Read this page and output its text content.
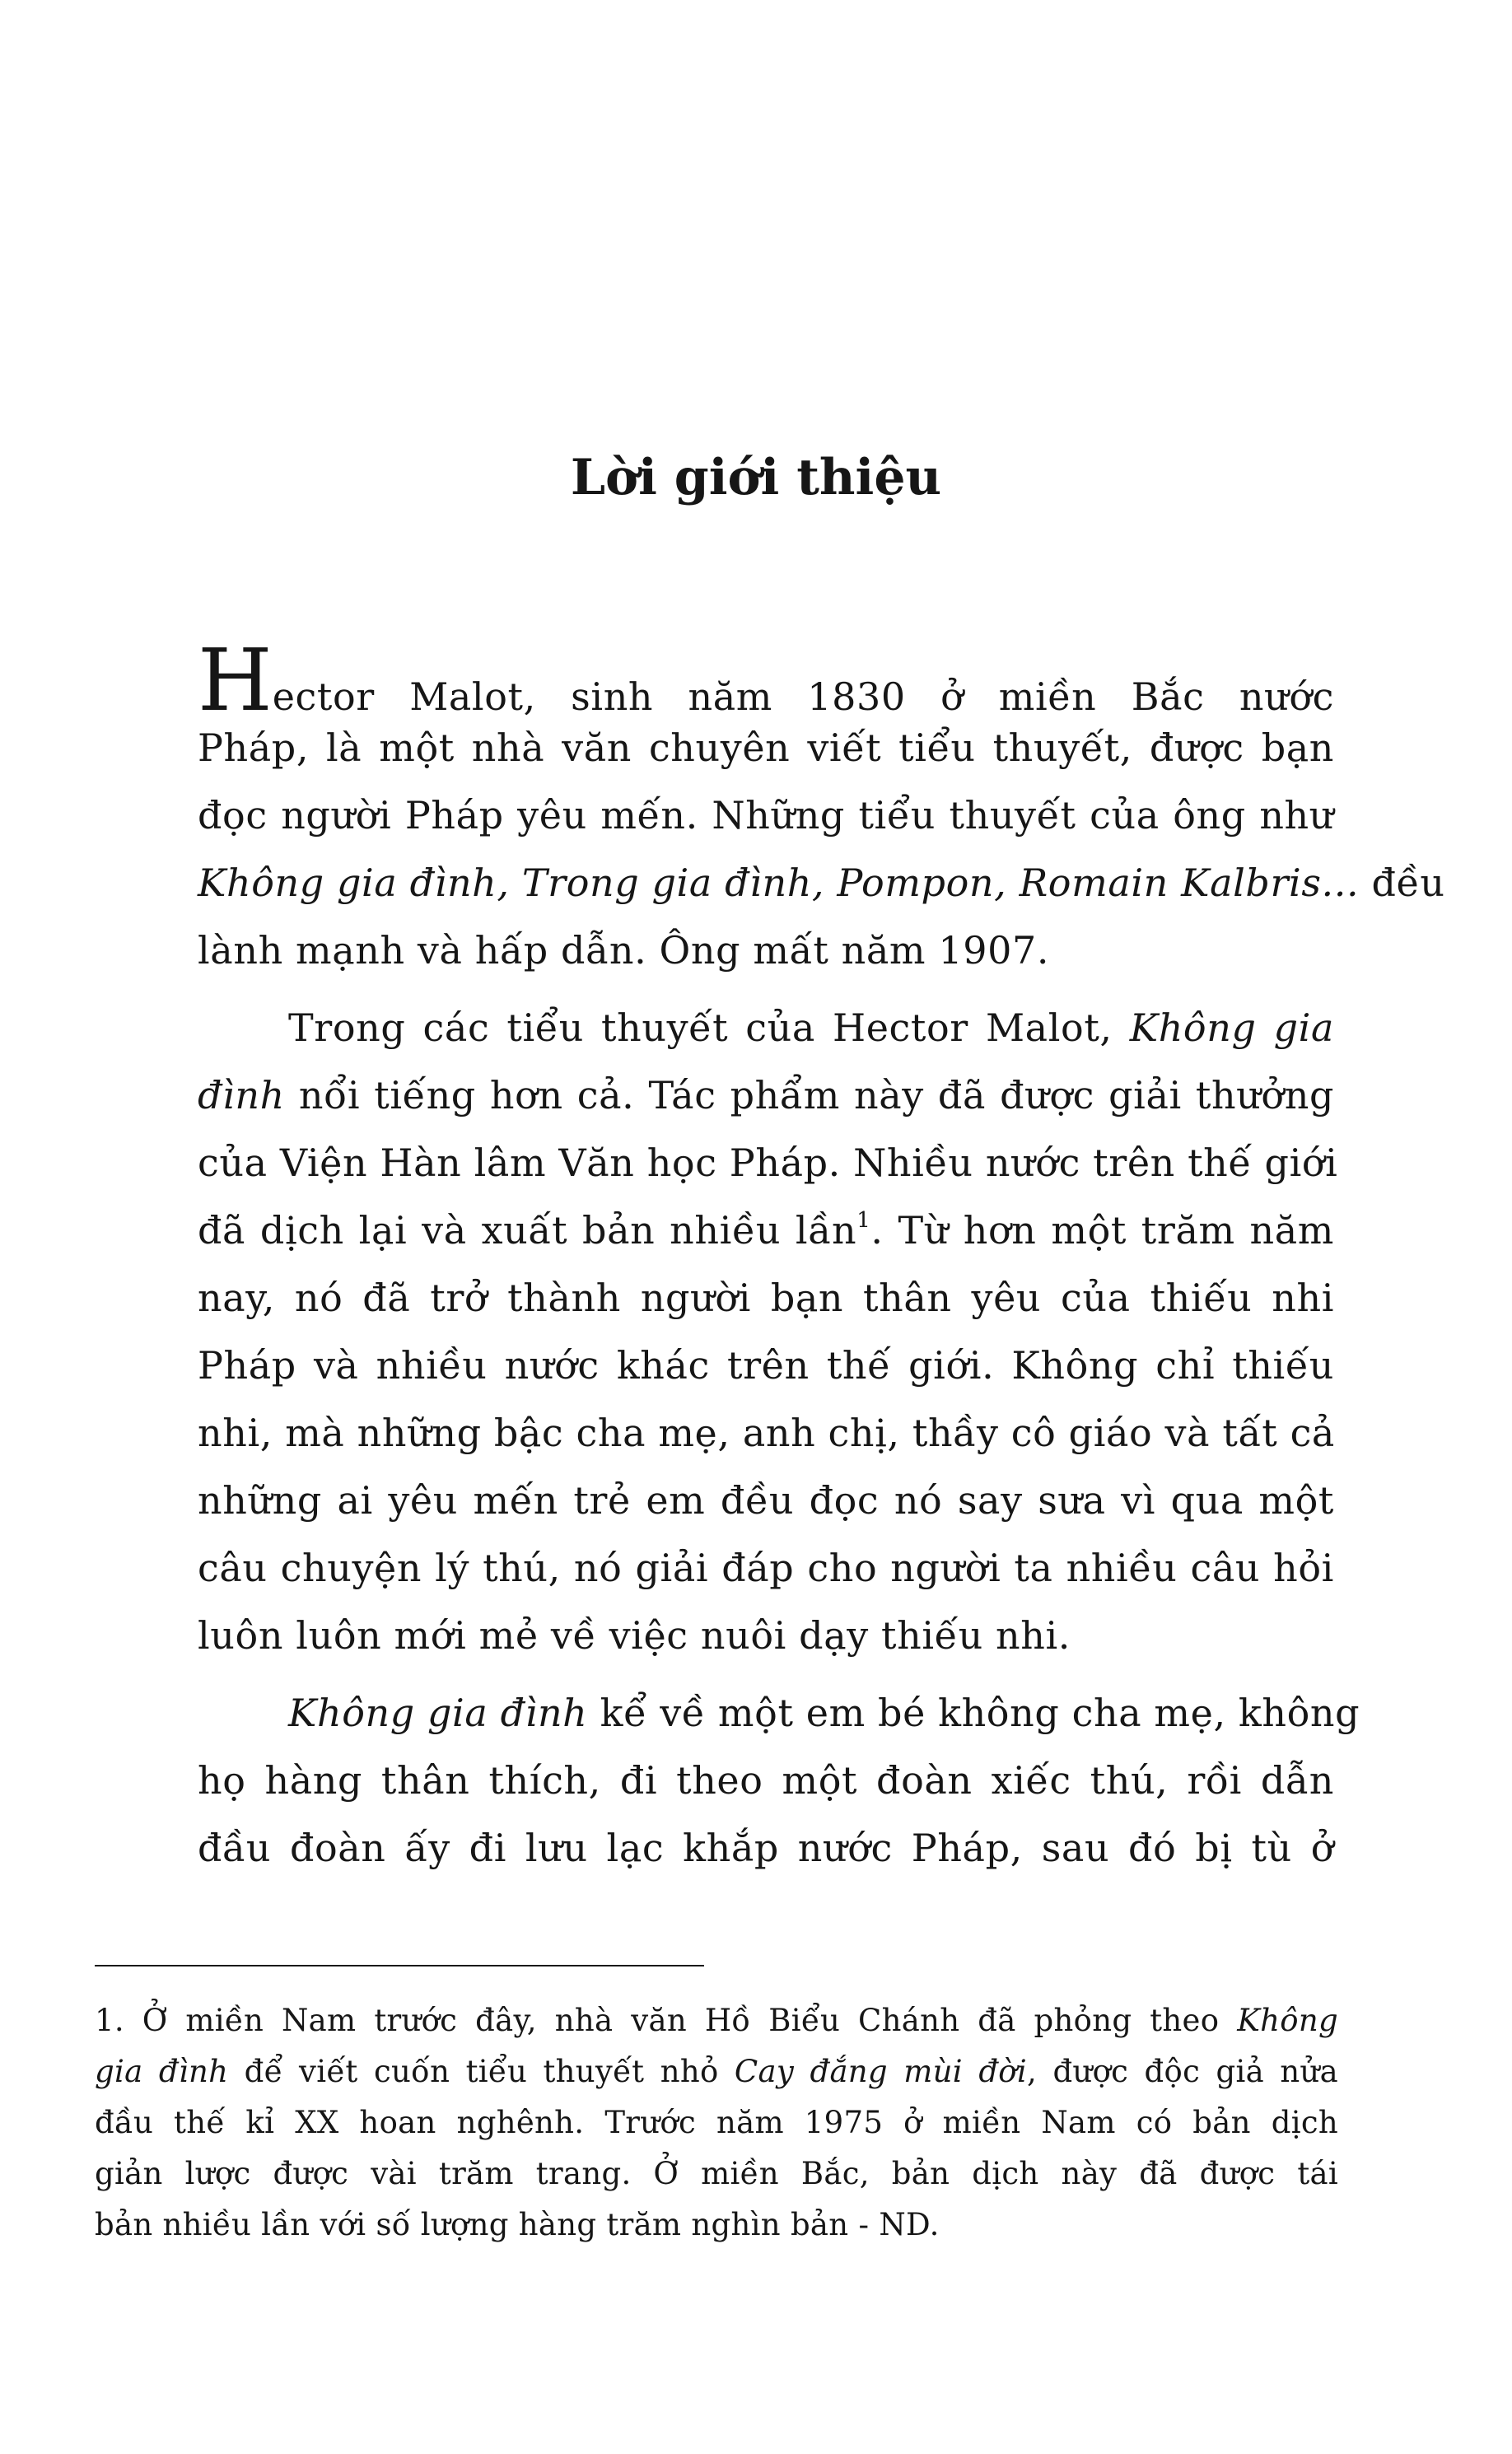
Lời giới thiệu
Hector Malot, sinh năm 1830 ở miền Bắc nước
Pháp, là một nhà văn chuyên viết tiểu thuyết, được bạn
đọc người Pháp yêu mến. Những tiểu thuyết của ông như
Không gia đình, Trong gia đình, Pompon, Romain Kalbris... đều
lành mạnh và hấp dẫn. Ông mất năm 1907.
Trong các tiểu thuyết của Hector Malot, Không gia
đình nổi tiếng hơn cả. Tác phẩm này đã được giải thưởng
của Viện Hàn lâm Văn học Pháp. Nhiều nước trên thế giới
đã dịch lại và xuất bản nhiều lần$^1$. Từ hơn một trăm năm
nay, nó đã trở thành người bạn thân yêu của thiếu nhi
Pháp và nhiều nước khác trên thế giới. Không chỉ thiếu
nhi, mà những bậc cha mẹ, anh chị, thầy cô giáo và tất cả
những ai yêu mến trẻ em đều đọc nó say sưa vì qua một
câu chuyện lý thú, nó giải đáp cho người ta nhiều câu hỏi
luôn luôn mới mẻ về việc nuôi dạy thiếu nhi.
Không gia đình kể về một em bé không cha mẹ, không
họ hàng thân thích, đi theo một đoàn xiếc thú, rồi dẫn
đầu đoàn ấy đi lưu lạc khắp nước Pháp, sau đó bị tù ở
1. Ở miền Nam trước đây, nhà văn Hồ Biểu Chánh đã phỏng theo Không
gia đình để viết cuốn tiểu thuyết nhỏ Cay đắng mùi đời, được độc giả nửa
đầu thế kỉ XX hoan nghênh. Trước năm 1975 ở miền Nam có bản dịch
giản lược được vài trăm trang. Ở miền Bắc, bản dịch này đã được tái
bản nhiều lần với số lượng hàng trăm nghìn bản - ND.
